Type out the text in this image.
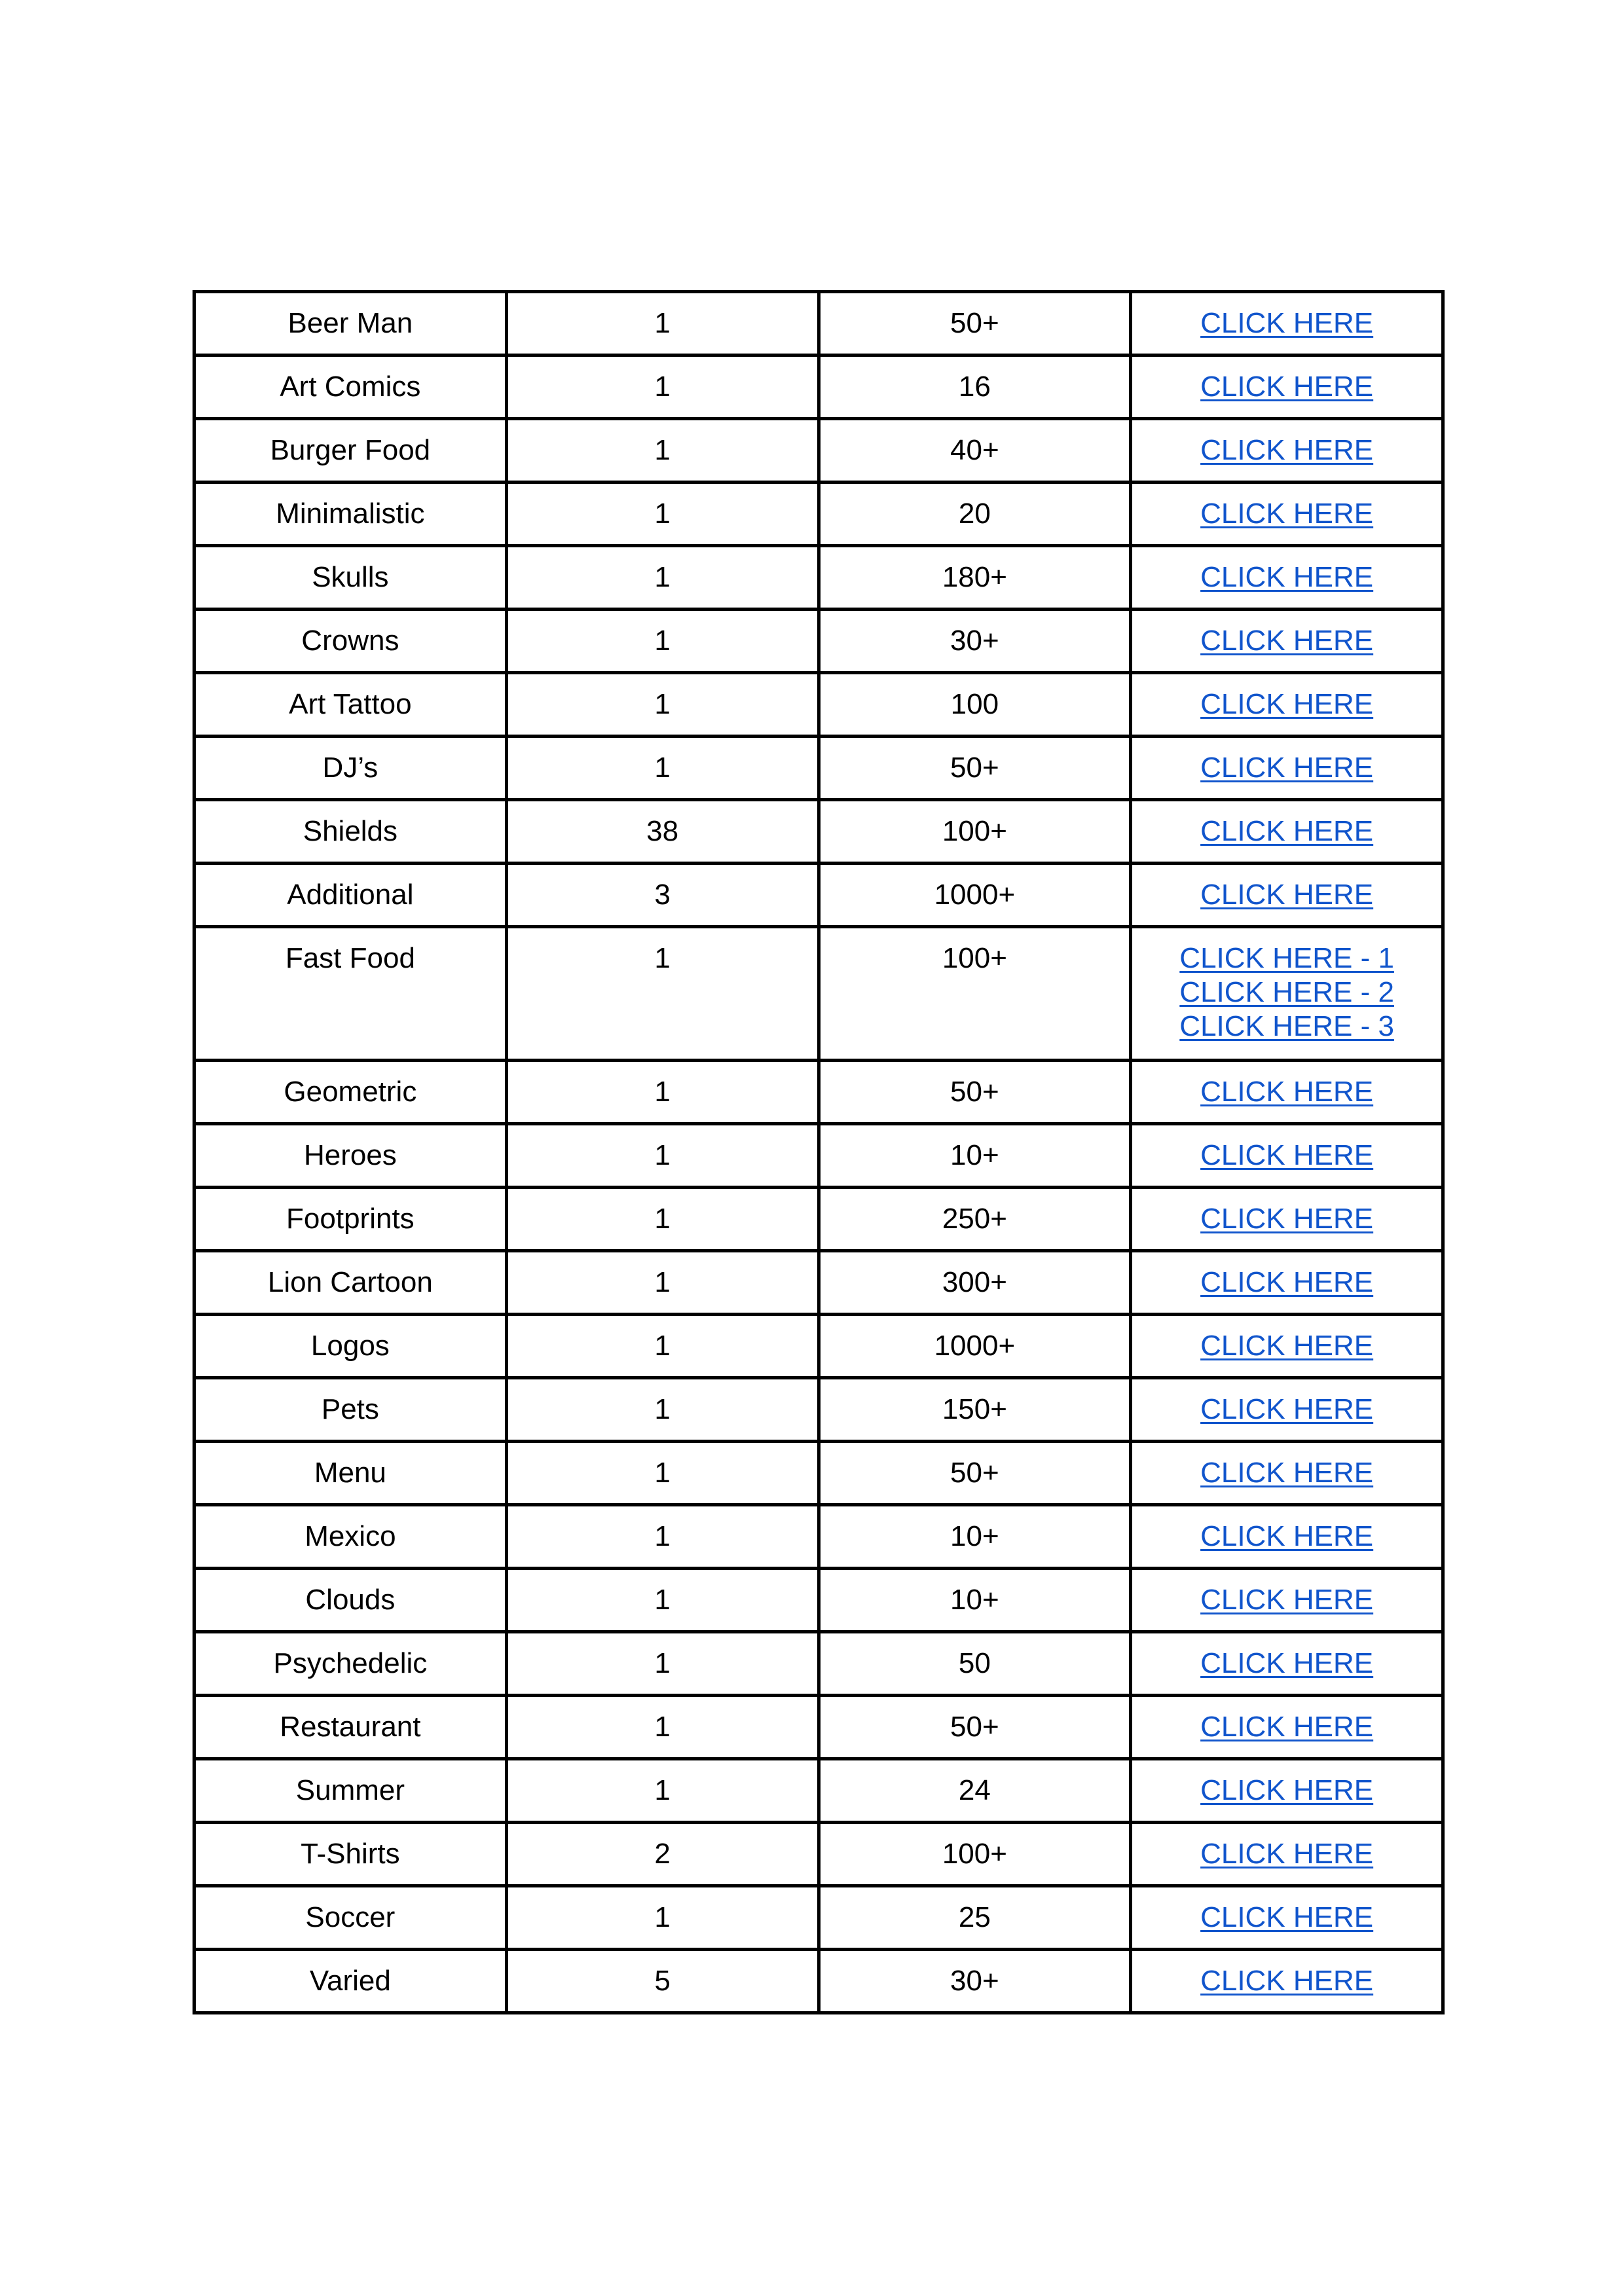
Beer Man	1	50+	CLICK HERE

Art Comics	1	16	CLICK HERE

Burger Food	1	40+	CLICK HERE

Minimalistic	1	20	CLICK HERE

Skulls	1	180+	CLICK HERE

Crowns	1	30+	CLICK HERE

Art Tattoo	1	100	CLICK HERE

DJ’s	1	50+	CLICK HERE

Shields	38	100+	CLICK HERE

Additional	3	1000+	CLICK HERE

Fast Food	1	100+	CLICK HERE - 1
CLICK HERE - 2
CLICK HERE - 3

Geometric	1	50+	CLICK HERE

Heroes	1	10+	CLICK HERE

Footprints	1	250+	CLICK HERE

Lion Cartoon	1	300+	CLICK HERE

Logos	1	1000+	CLICK HERE

Pets	1	150+	CLICK HERE

Menu	1	50+	CLICK HERE

Mexico	1	10+	CLICK HERE

Clouds	1	10+	CLICK HERE

Psychedelic	1	50	CLICK HERE

Restaurant	1	50+	CLICK HERE

Summer	1	24	CLICK HERE

T-Shirts	2	100+	CLICK HERE

Soccer	1	25	CLICK HERE

Varied	5	30+	CLICK HERE
